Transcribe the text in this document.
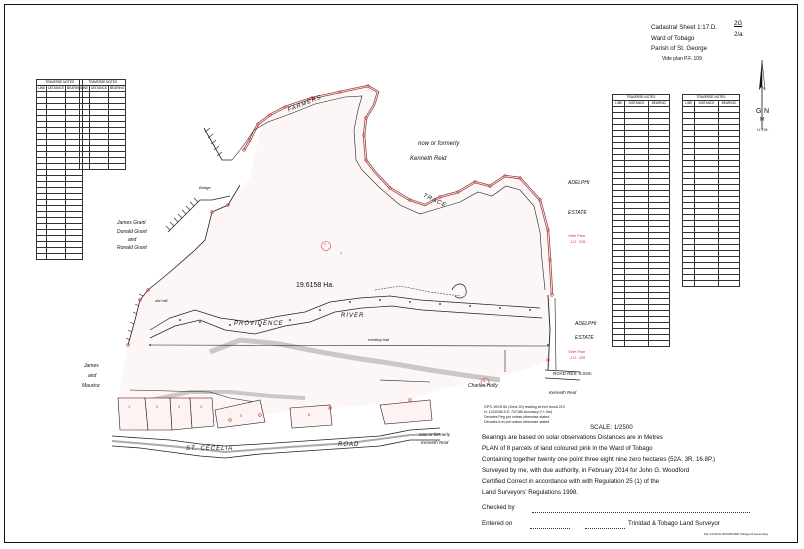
Cadastral Sheet 1:17.D.
Ward of Tobago
Parish of St. George
2G
2/a
Vide plan P.F. 109
G N
M
U.T.M.
TRAVERSE NOTES		
LINE	DISTANCE	BEARING

TRAVERSE NOTES		
LINE	DISTANCE	BEARING

TRAVERSE NOTES		
LINE	DISTANCE	BEARING

TRAVERSE NOTES		
LINE	DISTANCE	BEARING

FARMERS
TRACE
now or formerly
Kenneth Reid
19.6158 Ha.
7
ADELPHI
ESTATE
Vide Plan
J.O. 339
James Grant
Donald Grant
and
Ronald Grant
Bridge
old mill
PROVIDENCE
RIVER
existing trail
ADELPHI
ESTATE
Vide Plan
J.O. 339
ROAD RES. 8.04m
Charles Holly
Kenneth Reid
James
and
Maurice
ST. CECELIA
ROAD
now or formerly
Kenneth Reid
1	2	3	4
5	6
7
8
GPS: WGS 84 (Zone 20) reading at iron found 210
N: 1242036.5 E: 747185 Accuracy (+/- 5m)
Denotes Peg put unless otherwise stated
Denotes Iron put unless otherwise stated
SCALE: 1/2500
Bearings are based on solar observations Distances are in Metres
PLAN of 8 parcels of land coloured pink in the Ward of Tobago
Containing together twenty one point three eight nine zero hectares (52A. 3R. 16.8P.)
Surveyed by me, with due authority, in February 2014 for John G. Woodford
Certified Correct in accordance with with Regulation 25 (1) of the
Land Surveyors' Regulations 1998.
Checked by
Entered on	Trinidad & Tobago Land Surveyor
File 1/14/STH WOODFORD (Tobago) 8 pieces.dwg
